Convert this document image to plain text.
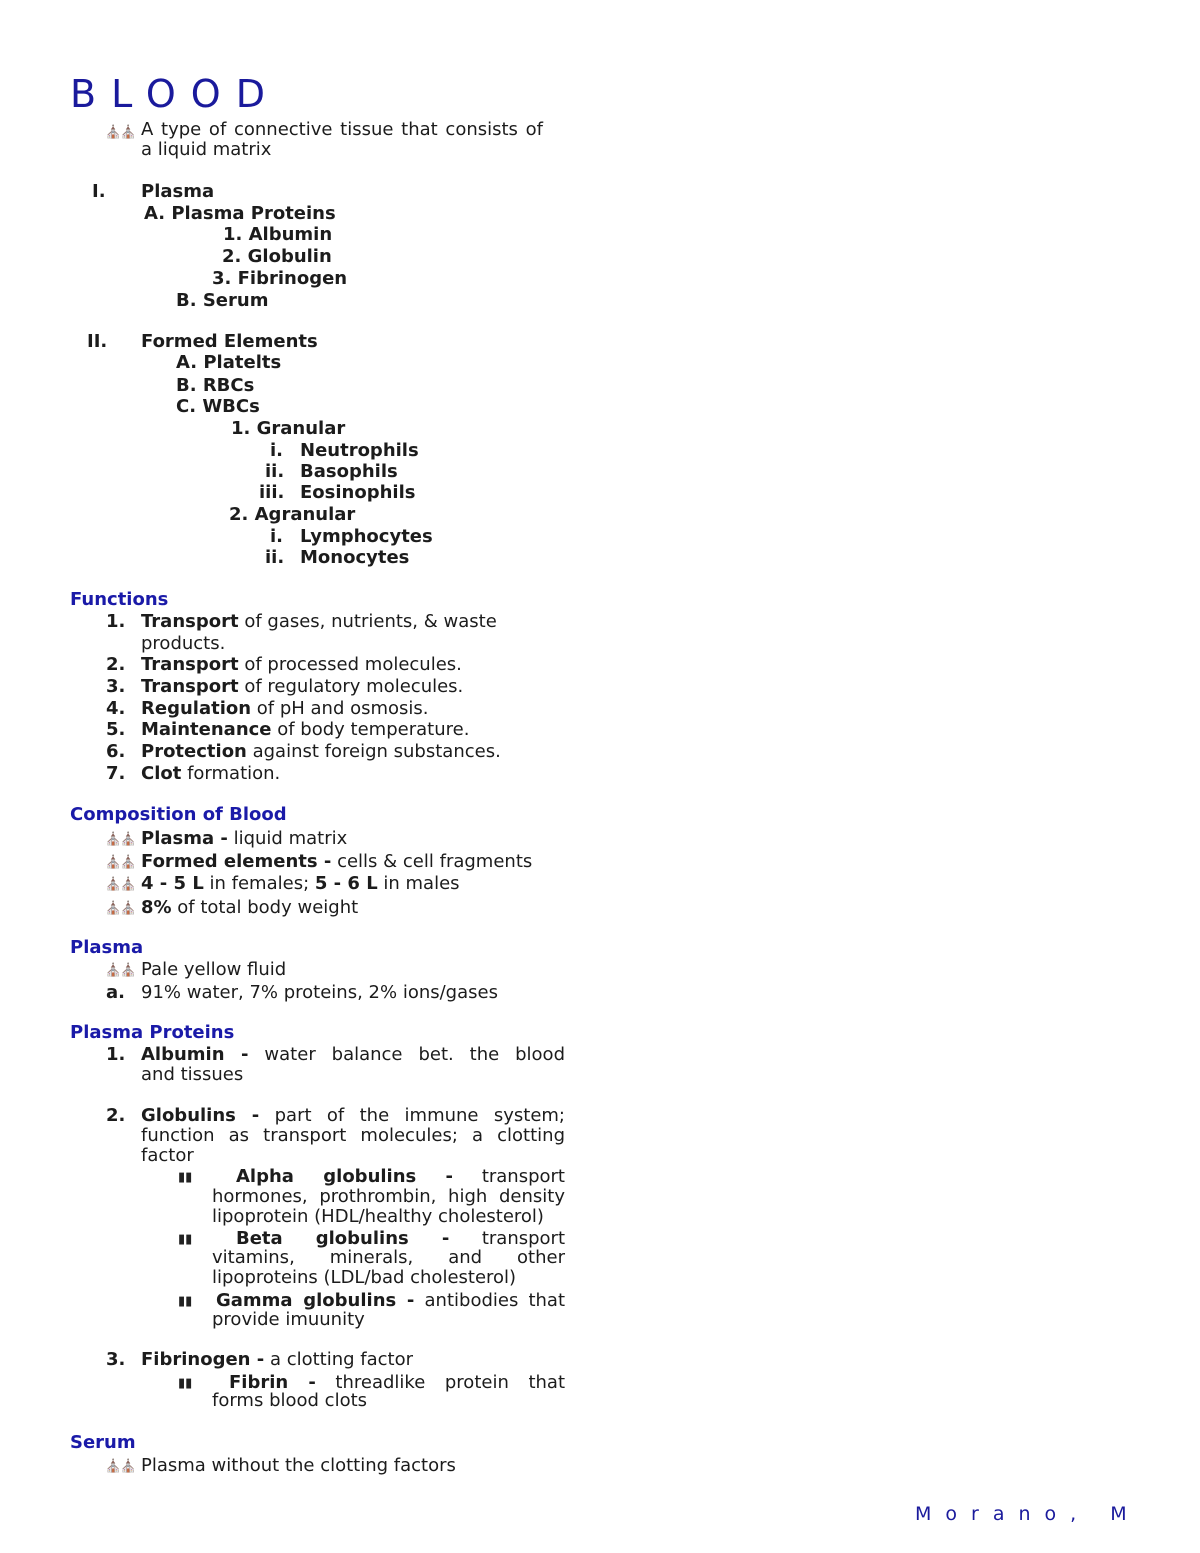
BLOOD
⛪⛪ A type of connective tissue that consists of a liquid matrix
I. Plasma
A. Plasma Proteins
1. Albumin
2. Globulin
3. Fibrinogen
B. Serum
II. Formed Elements
A. Platelts
B. RBCs
C. WBCs
1. Granular
i. Neutrophils
ii. Basophils
iii. Eosinophils
2. Agranular
i. Lymphocytes
ii. Monocytes
Functions
1. Transport of gases, nutrients, & waste
products.
2. Transport of processed molecules.
3. Transport of regulatory molecules.
4. Regulation of pH and osmosis.
5. Maintenance of body temperature.
6. Protection against foreign substances.
7. Clot formation.
Composition of Blood
⛪⛪ Plasma - liquid matrix
⛪⛪ Formed elements - cells & cell fragments
⛪⛪ 4 - 5 L in females; 5 - 6 L in males
⛪⛪ 8% of total body weight
Plasma
⛪⛪ Pale yellow fluid
a. 91% water, 7% proteins, 2% ions/gases
Plasma Proteins
1. Albumin - water balance bet. the blood
and tissues
2. Globulins - part of the immune system;
function as transport molecules; a clotting
factor
▮▮	Alpha globulins - transport
hormones, prothrombin, high density
lipoprotein (HDL/healthy cholesterol)
▮▮	Beta globulins - transport
vitamins, minerals, and other
lipoproteins (LDL/bad cholesterol)
▮▮	Gamma globulins - antibodies that
provide imuunity
3. Fibrinogen - a clotting factor
▮▮	Fibrin - threadlike protein that
forms blood clots
Serum
⛪⛪ Plasma without the clotting factors
Morano, M
